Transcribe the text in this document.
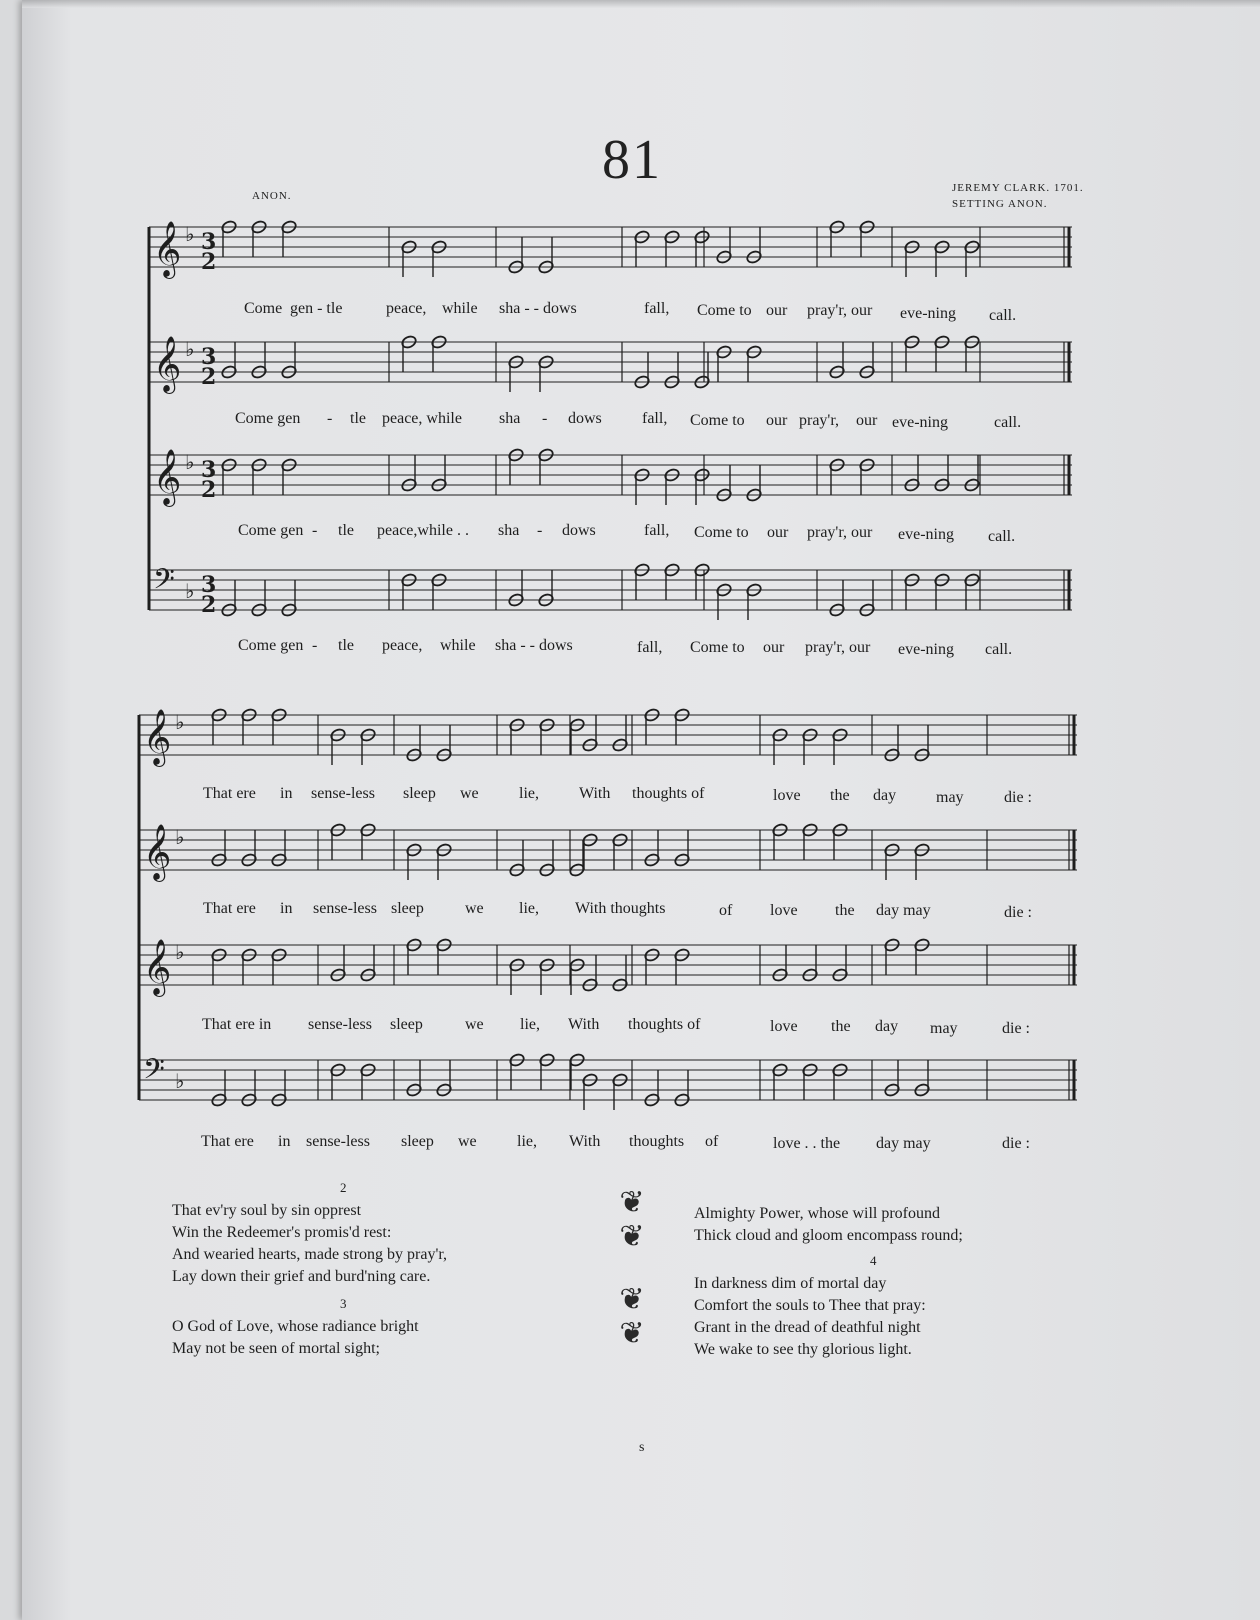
81
ANON.
JEREMY CLARK. 1701.
SETTING ANON.
𝄞 ♭ 3
2
𝄞 ♭ 3
2
𝄞 ♭ 3
2
𝄢 ♭ 3
2
𝄞 ♭
𝄞 ♭
𝄞 ♭
𝄢 ♭
Come gen - tle	peace, while sha - - dows	fall, Come to our pray'r, our eve-ning call.
Come gen - tle peace, while sha - dows	fall, Come to our pray'r, our eve-ning	call.
Come gen - tle peace,while . . sha - dows	fall, Come to our pray'r, our eve-ning call.
Come gen - tle peace, while sha - - dows	fall, Come to our pray'r, our eve-ning call.
That ere in sense-less sleep we	lie,	With thoughts of	love the day may	die :
That ere in sense-less sleep	we lie, With thoughts	of love the day may	die :
That ere in sense-less sleep	we lie, With thoughts of	love the day may	die :
That ere in sense-less sleep we	lie, With thoughts of	love . . the day may	die :
2
That ev'ry soul by sin opprest
Win the Redeemer's promis'd rest:
And wearied hearts, made strong by pray'r,
Lay down their grief and burd'ning care.
3
O God of Love, whose radiance bright
May not be seen of mortal sight;
❦
❦
❦
❦
Almighty Power, whose will profound
Thick cloud and gloom encompass round;
4
In darkness dim of mortal day
Comfort the souls to Thee that pray:
Grant in the dread of deathful night
We wake to see thy glorious light.
s
